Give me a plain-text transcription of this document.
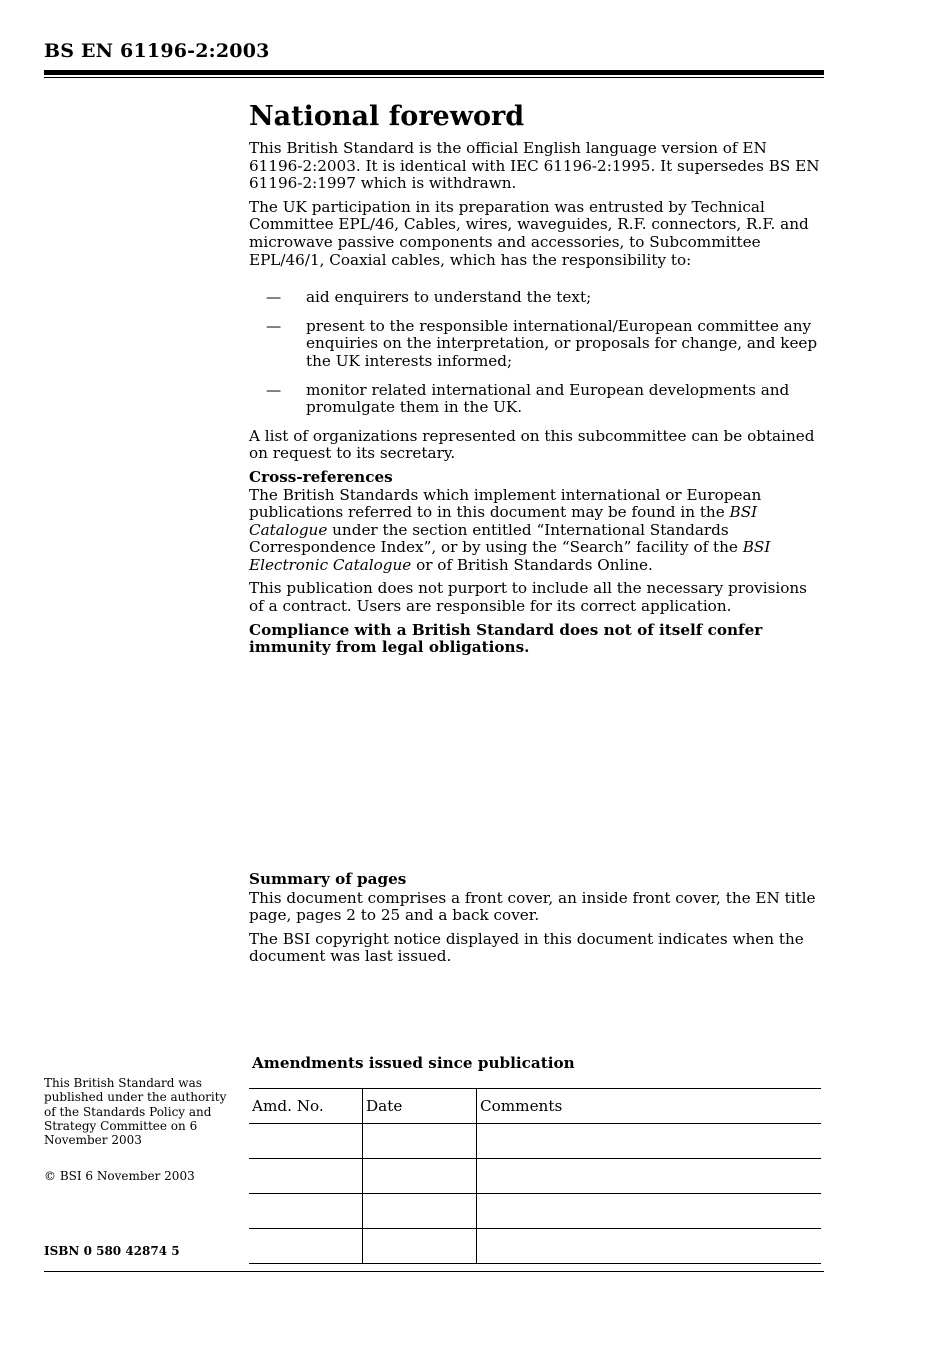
BS EN 61196-2:2003
National foreword

This British Standard is the official English language version of EN 61196-2:2003. It is identical with IEC 61196-2:1995. It supersedes BS EN 61196-2:1997 which is withdrawn.

The UK participation in its preparation was entrusted by Technical Committee EPL/46, Cables, wires, waveguides, R.F. connectors, R.F. and microwave passive components and accessories, to Subcommittee EPL/46/1, Coaxial cables, which has the responsibility to:

— aid enquirers to understand the text;
— present to the responsible international/European committee any enquiries on the interpretation, or proposals for change, and keep the UK interests informed;
— monitor related international and European developments and promulgate them in the UK.

A list of organizations represented on this subcommittee can be obtained on request to its secretary.

Cross-references

The British Standards which implement international or European publications referred to in this document may be found in the BSI Catalogue under the section entitled “International Standards Correspondence Index”, or by using the “Search” facility of the BSI Electronic Catalogue or of British Standards Online.

This publication does not purport to include all the necessary provisions of a contract. Users are responsible for its correct application.

Compliance with a British Standard does not of itself confer immunity from legal obligations.

Summary of pages

This document comprises a front cover, an inside front cover, the EN title page, pages 2 to 25 and a back cover.

The BSI copyright notice displayed in this document indicates when the document was last issued.

Amendments issued since publication
Amd. No.	Date	Comments

This British Standard was published under the authority of the Standards Policy and Strategy Committee on 6 November 2003

© BSI 6 November 2003

ISBN 0 580 42874 5
